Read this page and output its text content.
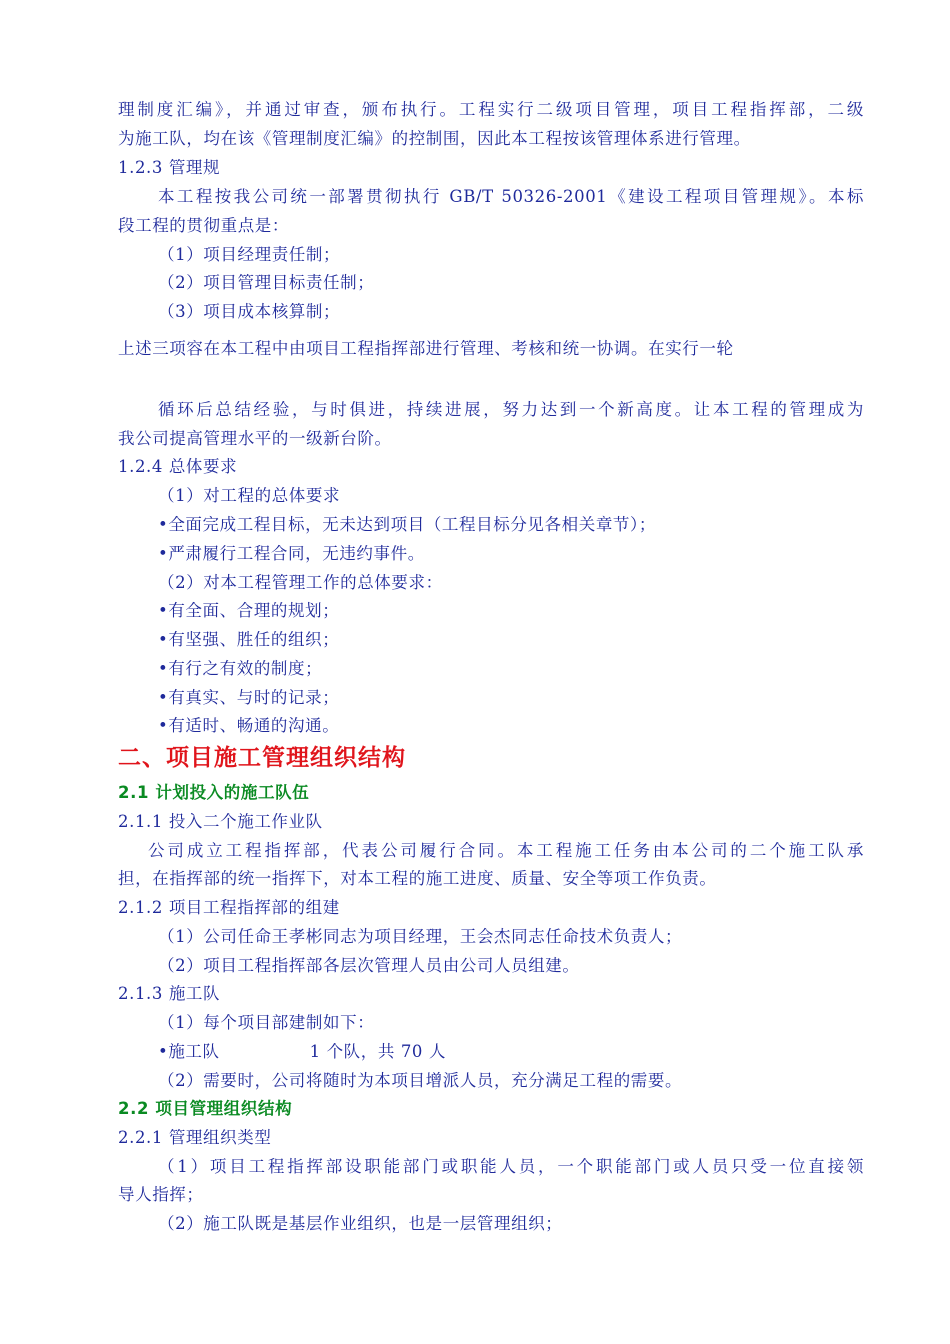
理制度汇编》，并通过审查，颁布执行。工程实行二级项目管理，项目工程指挥部，二级
为施工队，均在该《管理制度汇编》的控制围，因此本工程按该管理体系进行管理。
1.2.3 管理规
本工程按我公司统一部署贯彻执行 GB/T 50326-2001《建设工程项目管理规》。本标
段工程的贯彻重点是：
（1）项目经理责任制；
（2）项目管理目标责任制；
（3）项目成本核算制；
上述三项容在本工程中由项目工程指挥部进行管理、考核和统一协调。在实行一轮
循环后总结经验，与时俱进，持续进展，努力达到一个新高度。让本工程的管理成为
我公司提高管理水平的一级新台阶。
1.2.4 总体要求
（1）对工程的总体要求
•全面完成工程目标，无未达到项目（工程目标分见各相关章节）；
•严肃履行工程合同，无违约事件。
（2）对本工程管理工作的总体要求：
•有全面、合理的规划；
•有坚强、胜任的组织；
•有行之有效的制度；
•有真实、与时的记录；
•有适时、畅通的沟通。
二、项目施工管理组织结构
2.1 计划投入的施工队伍
2.1.1 投入二个施工作业队
公司成立工程指挥部，代表公司履行合同。本工程施工任务由本公司的二个施工队承
担，在指挥部的统一指挥下，对本工程的施工进度、质量、安全等项工作负责。
2.1.2 项目工程指挥部的组建
（1）公司任命王孝彬同志为项目经理，王会杰同志任命技术负责人；
（2）项目工程指挥部各层次管理人员由公司人员组建。
2.1.3 施工队
（1）每个项目部建制如下：
•施工队	1 个队，共 70 人
（2）需要时，公司将随时为本项目增派人员，充分满足工程的需要。
2.2 项目管理组织结构
2.2.1 管理组织类型
（1）项目工程指挥部设职能部门或职能人员，一个职能部门或人员只受一位直接领
导人指挥；
（2）施工队既是基层作业组织，也是一层管理组织；
